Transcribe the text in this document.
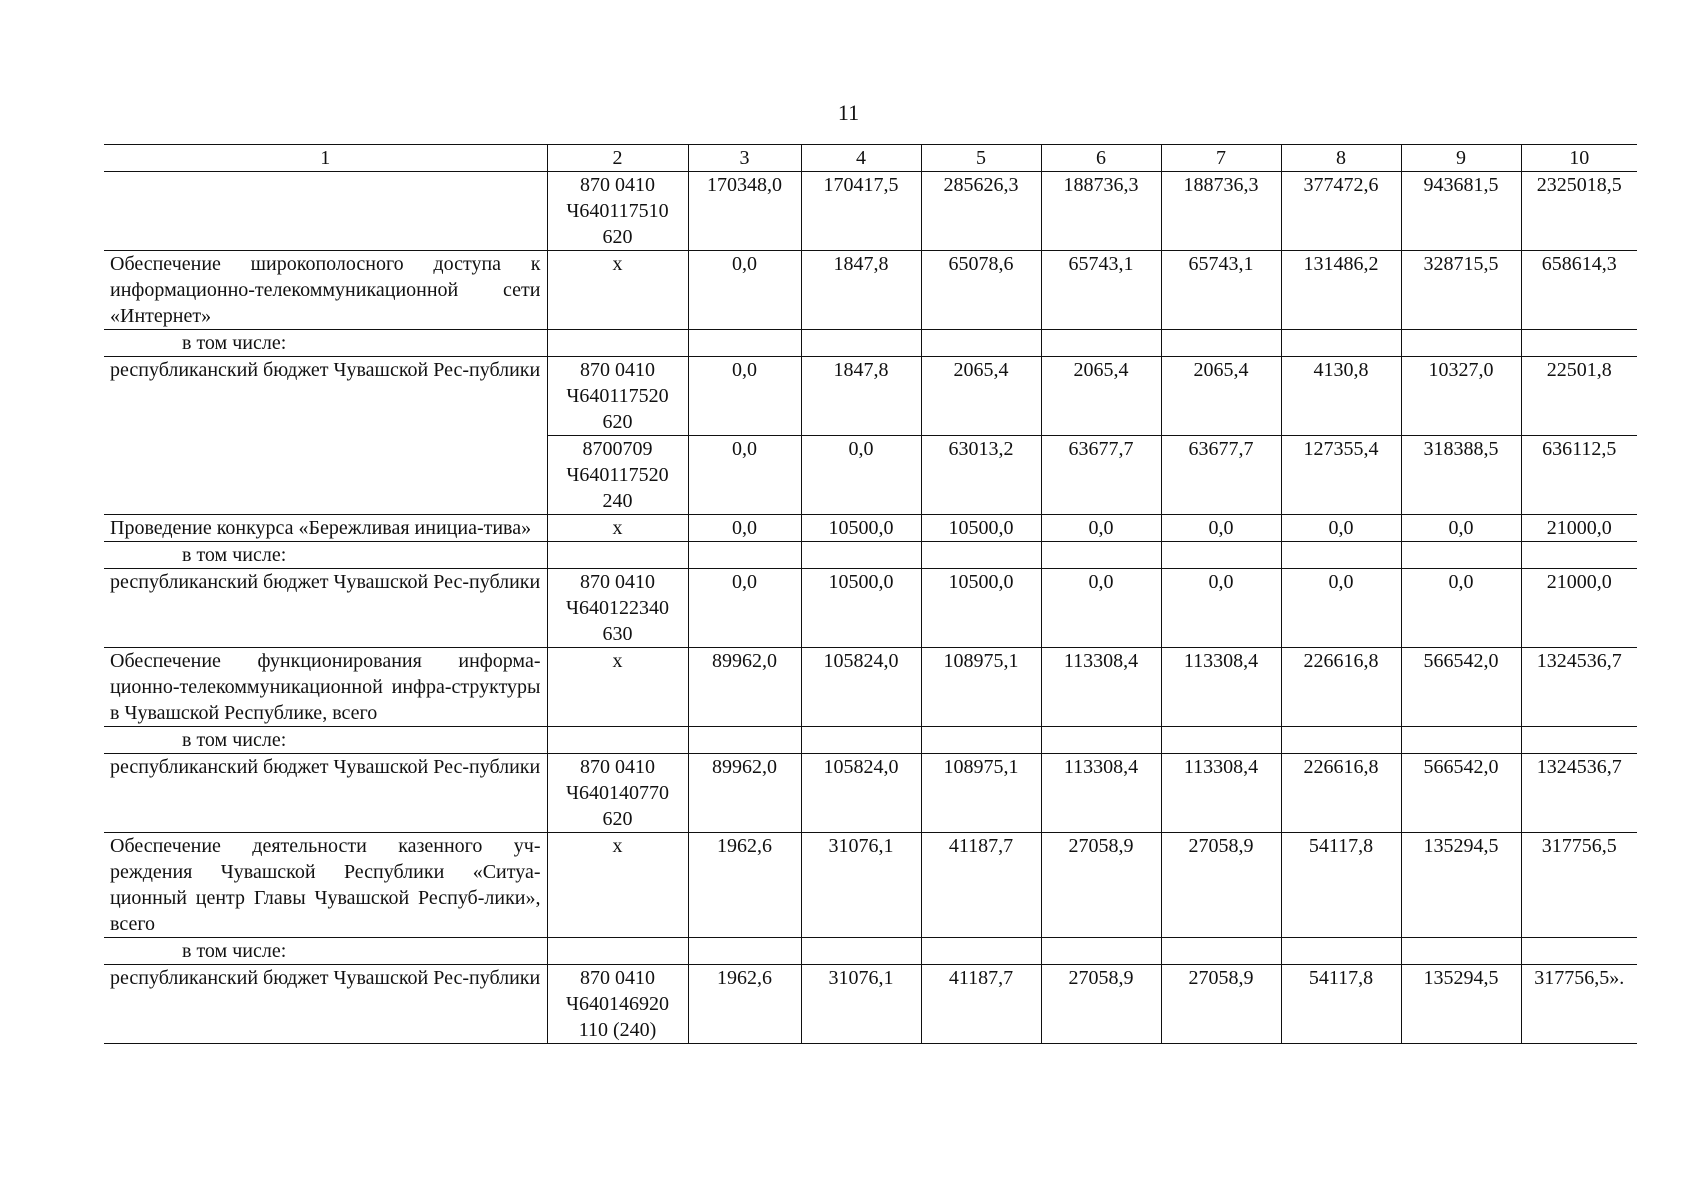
11
1	2	3	4	5	6	7	8	9	10
	870 0410 Ч640117510 620	170348,0	170417,5	285626,3	188736,3	188736,3	377472,6	943681,5	2325018,5
Обеспечение широкополосного доступа к информационно-телекоммуникационной сети «Интернет»	x	0,0	1847,8	65078,6	65743,1	65743,1	131486,2	328715,5	658614,3
в том числе:									
республиканский бюджет Чувашской Рес-публики	870 0410 Ч640117520 620	0,0	1847,8	2065,4	2065,4	2065,4	4130,8	10327,0	22501,8
	8700709 Ч640117520 240	0,0	0,0	63013,2	63677,7	63677,7	127355,4	318388,5	636112,5
Проведение конкурса «Бережливая инициа-тива»	x	0,0	10500,0	10500,0	0,0	0,0	0,0	0,0	21000,0
в том числе:									
республиканский бюджет Чувашской Рес-публики	870 0410 Ч640122340 630	0,0	10500,0	10500,0	0,0	0,0	0,0	0,0	21000,0
Обеспечение функционирования информа-ционно-телекоммуникационной инфра-структуры в Чувашской Республике, всего	x	89962,0	105824,0	108975,1	113308,4	113308,4	226616,8	566542,0	1324536,7
в том числе:									
республиканский бюджет Чувашской Рес-публики	870 0410 Ч640140770 620	89962,0	105824,0	108975,1	113308,4	113308,4	226616,8	566542,0	1324536,7
Обеспечение деятельности казенного уч-реждения Чувашской Республики «Ситуа-ционный центр Главы Чувашской Респуб-лики», всего	x	1962,6	31076,1	41187,7	27058,9	27058,9	54117,8	135294,5	317756,5
в том числе:									
республиканский бюджет Чувашской Рес-публики	870 0410 Ч640146920 110 (240)	1962,6	31076,1	41187,7	27058,9	27058,9	54117,8	135294,5	317756,5».
